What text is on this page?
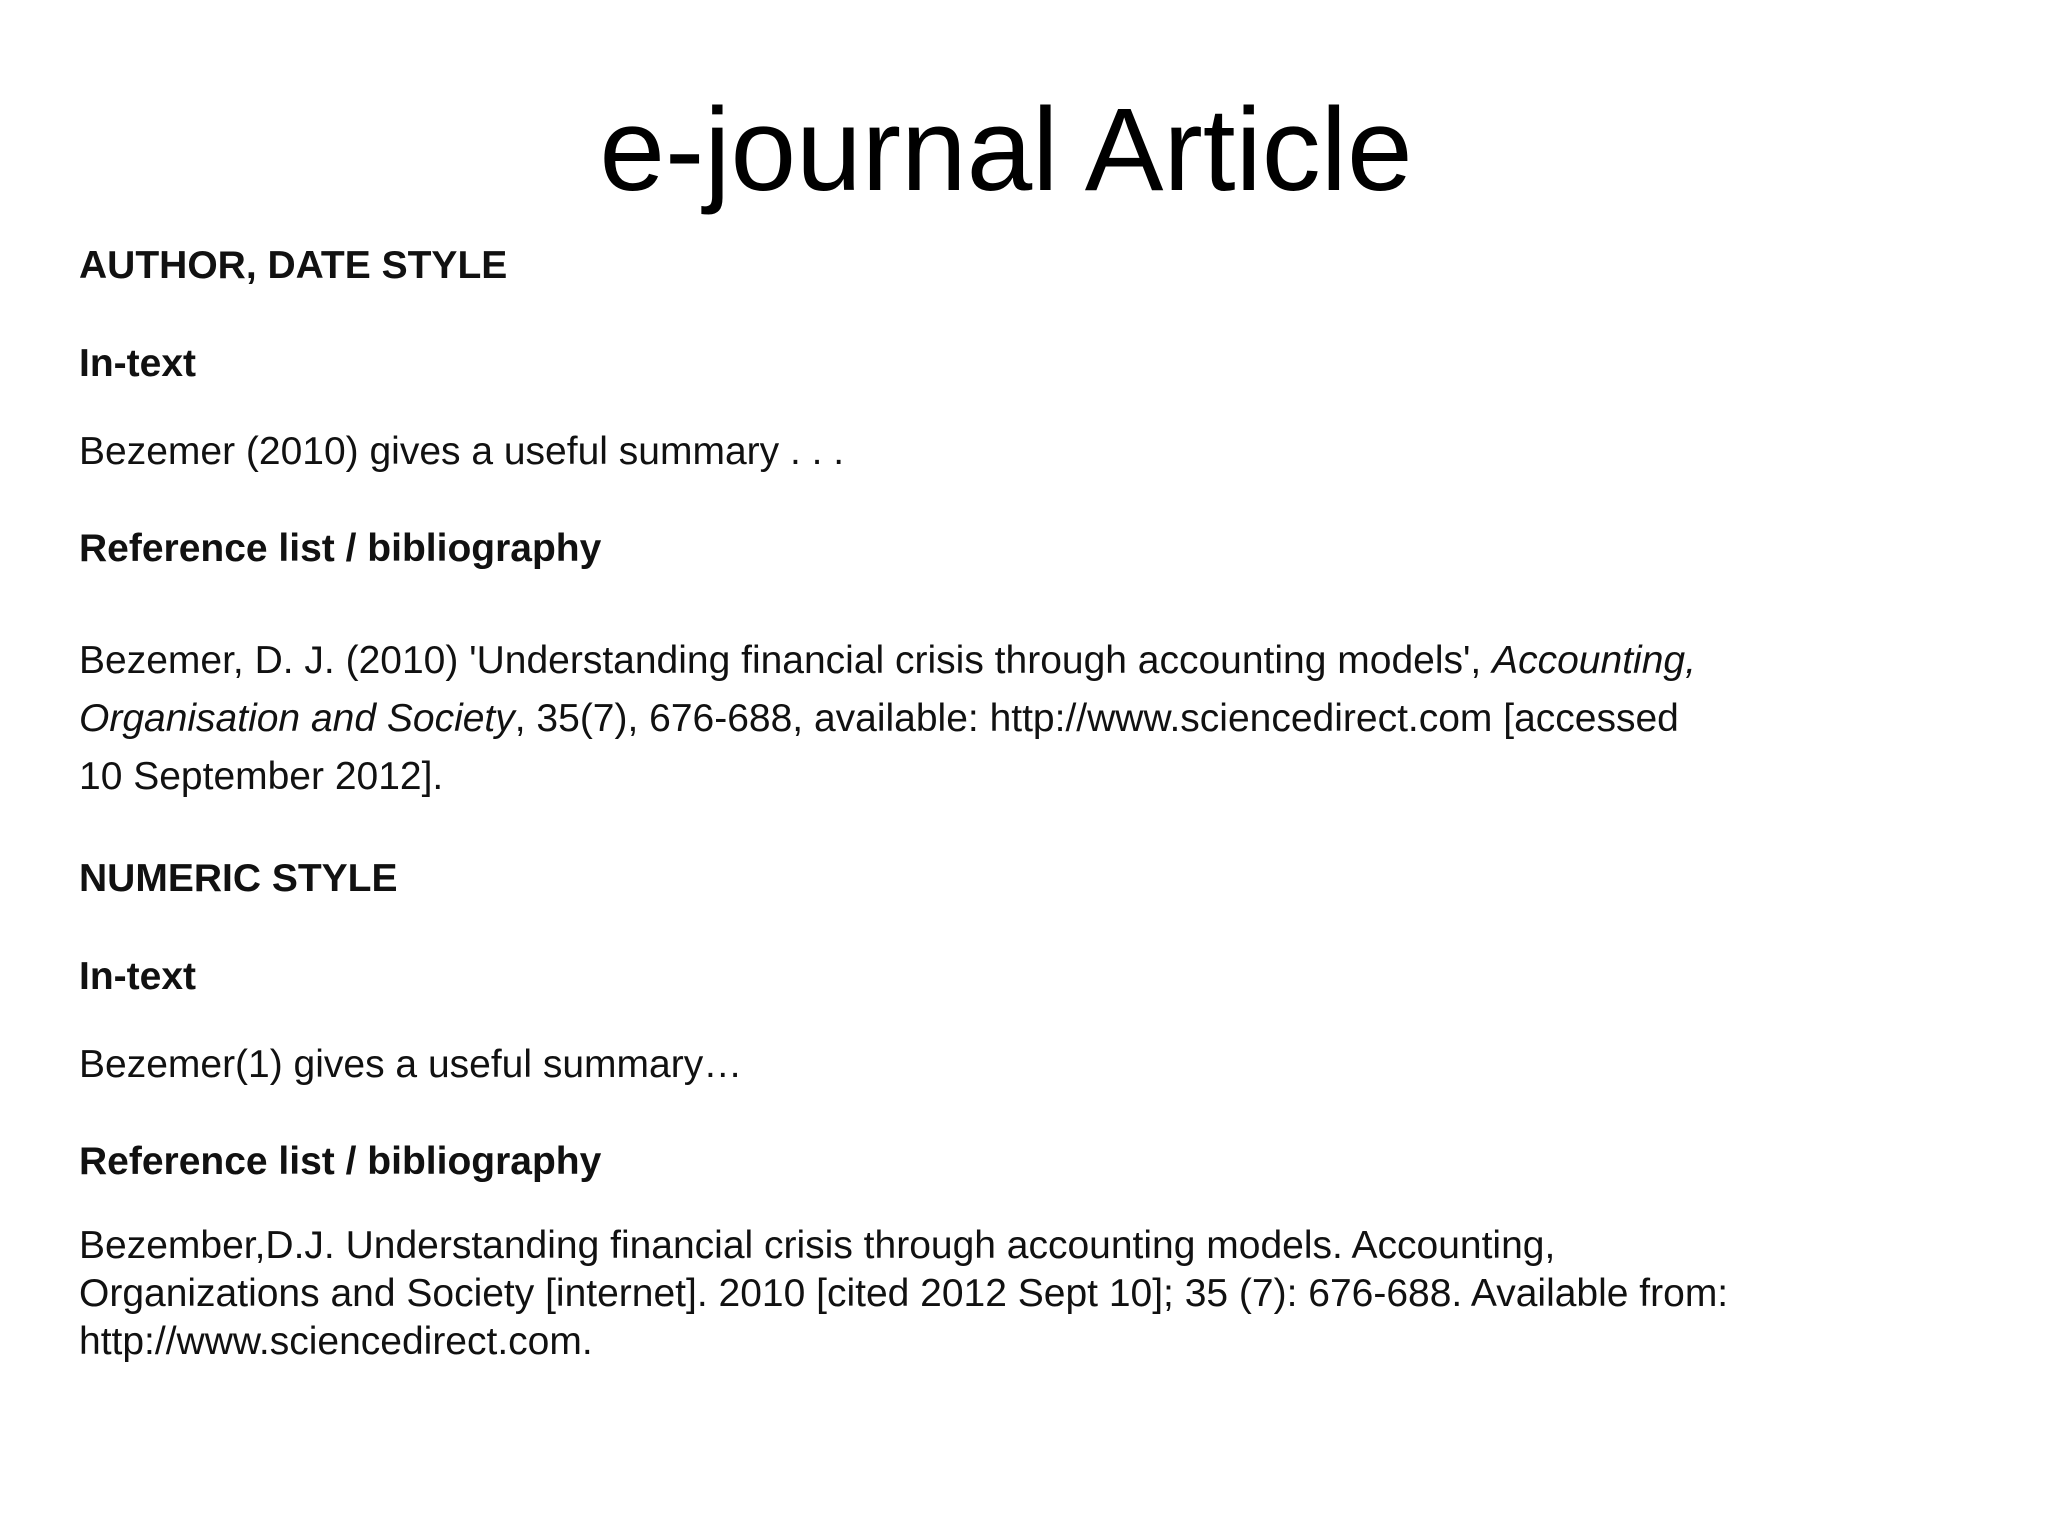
e-journal Article

AUTHOR, DATE STYLE

In-text

Bezemer (2010) gives a useful summary . . .

Reference list / bibliography

Bezemer, D. J. (2010) 'Understanding financial crisis through accounting models', Accounting,
Organisation and Society, 35(7), 676-688, available: http://www.sciencedirect.com [accessed
10 September 2012].

NUMERIC STYLE

In-text

Bezemer(1) gives a useful summary…

Reference list / bibliography

Bezember,D.J. Understanding financial crisis through accounting models. Accounting,
Organizations and Society [internet]. 2010 [cited 2012 Sept 10]; 35 (7): 676-688. Available from:
http://www.sciencedirect.com.
